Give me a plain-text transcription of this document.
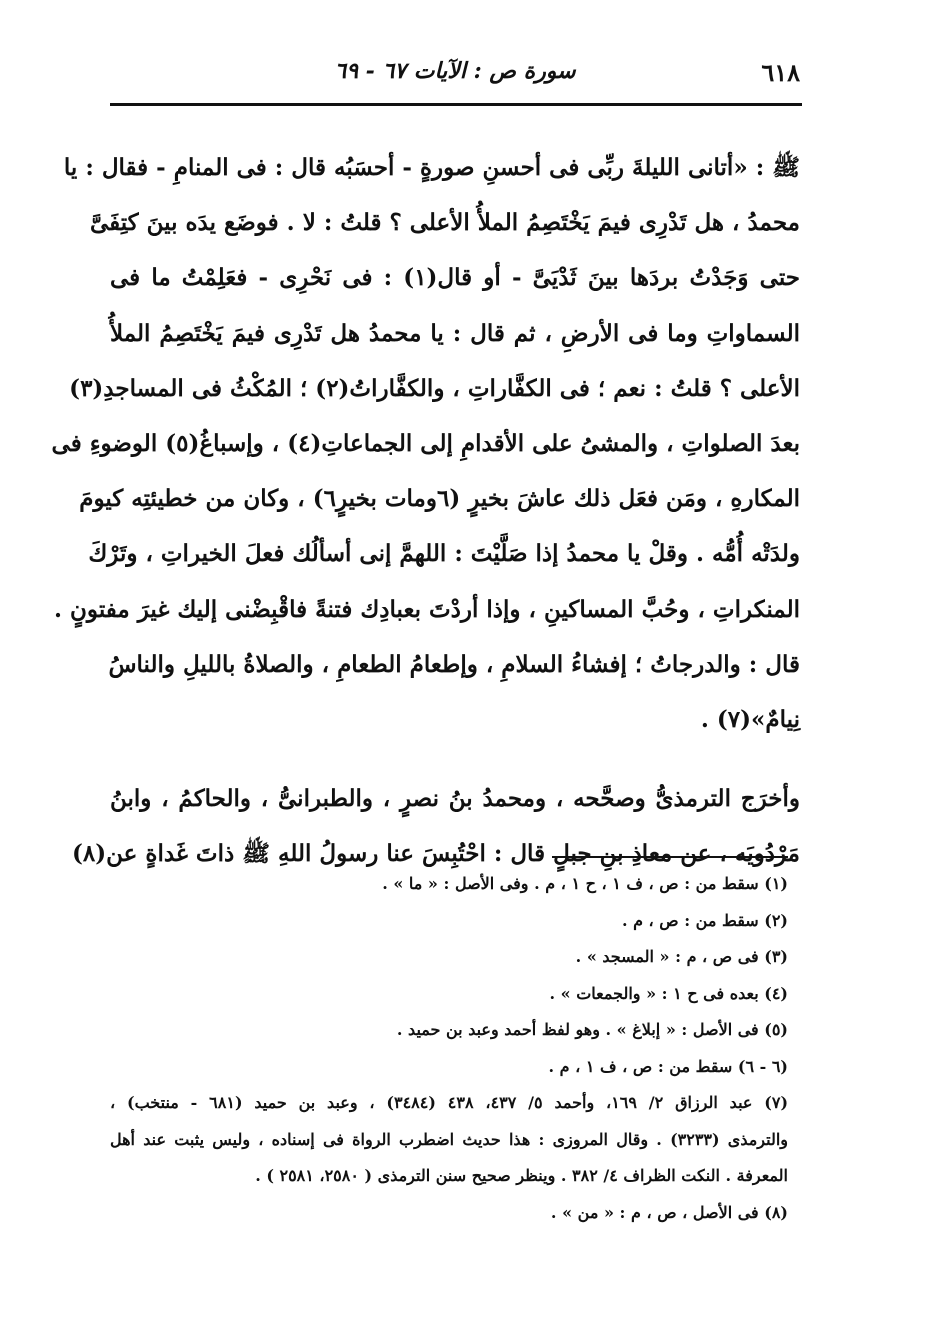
٦١٨
سورة ص : الآيات ٦٧ - ٦٩
ﷺ : «أتانى الليلةَ ربِّى فى أحسنِ صورةٍ - أحسَبُه قال : فى المنامِ - فقال : يا
محمدُ ، هل تَدْرِى فيمَ يَخْتَصِمُ الملأُ الأعلى ؟ قلتُ : لا . فوضَع يدَه بينَ كتِفَىَّ
حتى وَجَدْتُ بردَها بينَ ثَدْيَىَّ - أو قال(١) : فى نَحْرِى - فعَلِمْتُ ما فى
السماواتِ وما فى الأرضِ ، ثم قال : يا محمدُ هل تَدْرِى فيمَ يَخْتَصِمُ الملأُ
الأعلى ؟ قلتُ : نعم ؛ فى الكفَّاراتِ ، والكفَّاراتُ(٢) ؛ المُكْثُ فى المساجدِ(٣)
بعدَ الصلواتِ ، والمشىُ على الأقدامِ إلى الجماعاتِ(٤) ، وإسباغُ(٥) الوضوءِ فى
المكارهِ ، ومَن فعَل ذلك عاشَ بخيرٍ (٦ومات بخيرٍ٦) ، وكان من خطيئتِه كيومَ
ولدَتْه أُمُّه . وقلْ يا محمدُ إذا صَلَّيْتَ : اللهمَّ إنى أسألُك فعلَ الخيراتِ ، وتَرْكَ
المنكراتِ ، وحُبَّ المساكينِ ، وإذا أردْتَ بعبادِك فتنةً فاقْبِضْنى إليك غيرَ مفتونٍ .
قال : والدرجاتُ ؛ إفشاءُ السلامِ ، وإطعامُ الطعامِ ، والصلاةُ بالليلِ والناسُ
نِيامٌ»(٧) .
وأخرَج الترمذىُّ وصحَّحه ، ومحمدُ بنُ نصرٍ ، والطبرانىُّ ، والحاكمُ ، وابنُ
مَرْدُويَه ، عن معاذِ بنِ جبلٍ قال : احْتُبِسَ عنا رسولُ اللهِ ﷺ ذاتَ غَداةٍ عن(٨)
(١) سقط من : ص ، ف ١ ، ح ١ ، م . وفى الأصل : « ما » .
(٢) سقط من : ص ، م .
(٣) فى ص ، م : « المسجد » .
(٤) بعده فى ح ١ : « والجمعات » .
(٥) فى الأصل : « إبلاغ » . وهو لفظ أحمد وعبد بن حميد .
(٦ - ٦) سقط من : ص ، ف ١ ، م .
(٧) عبد الرزاق ٢/ ١٦٩، وأحمد ٥/ ٤٣٧، ٤٣٨ (٣٤٨٤) ، وعبد بن حميد (٦٨١ - منتخب) ،
والترمذى (٣٢٣٣) . وقال المروزى : هذا حديث اضطرب الرواة فى إسناده ، وليس يثبت عند أهل
المعرفة . النكت الظراف ٤/ ٣٨٢ . وينظر صحيح سنن الترمذى ( ٢٥٨٠، ٢٥٨١ ) .
(٨) فى الأصل ، ص ، م : « من » .
